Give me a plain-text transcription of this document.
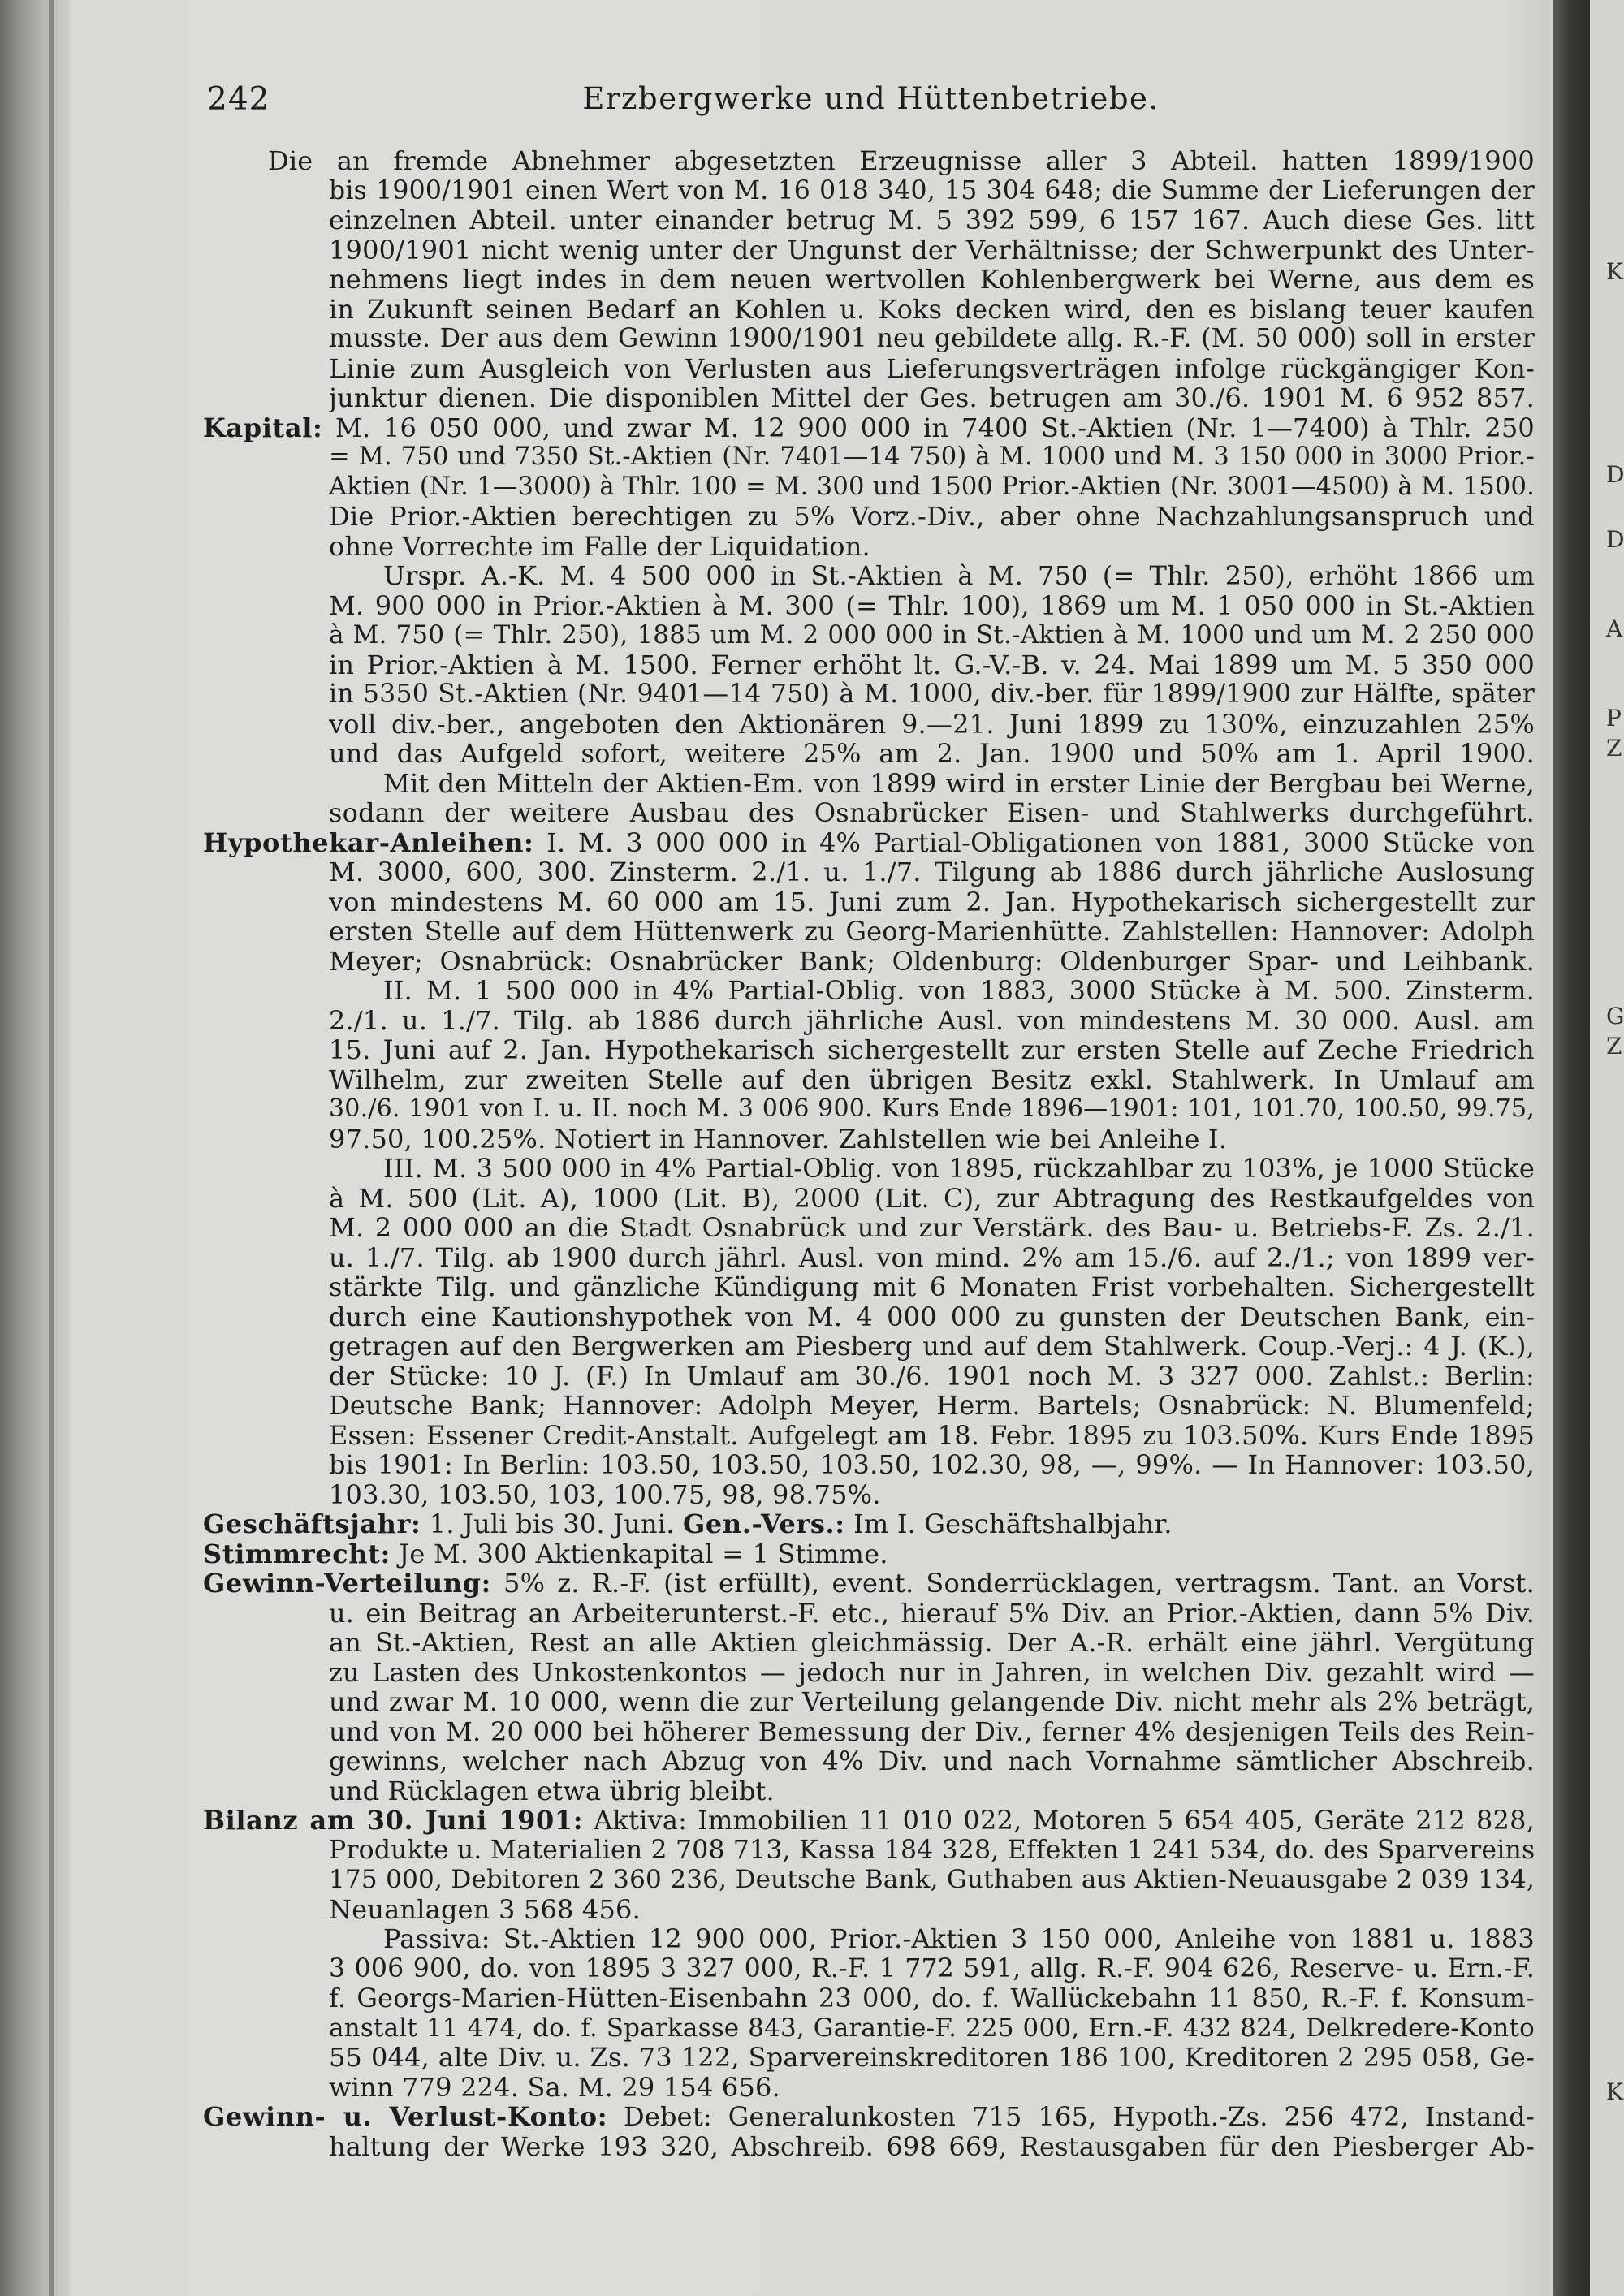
K
D
D
A
P
Z
G
Z
K
242	Erzbergwerke und Hüttenbetriebe.
Die an fremde Abnehmer abgesetzten Erzeugnisse aller 3 Abteil. hatten 1899/1900
bis 1900/1901 einen Wert von M. 16 018 340, 15 304 648; die Summe der Lieferungen der
einzelnen Abteil. unter einander betrug M. 5 392 599, 6 157 167. Auch diese Ges. litt
1900/1901 nicht wenig unter der Ungunst der Verhältnisse; der Schwerpunkt des Unter-
nehmens liegt indes in dem neuen wertvollen Kohlenbergwerk bei Werne, aus dem es
in Zukunft seinen Bedarf an Kohlen u. Koks decken wird, den es bislang teuer kaufen
musste. Der aus dem Gewinn 1900/1901 neu gebildete allg. R.-F. (M. 50 000) soll in erster
Linie zum Ausgleich von Verlusten aus Lieferungsverträgen infolge rückgängiger Kon-
junktur dienen. Die disponiblen Mittel der Ges. betrugen am 30./6. 1901 M. 6 952 857.
Kapital: M. 16 050 000, und zwar M. 12 900 000 in 7400 St.-Aktien (Nr. 1—7400) à Thlr. 250
= M. 750 und 7350 St.-Aktien (Nr. 7401—14 750) à M. 1000 und M. 3 150 000 in 3000 Prior.-
Aktien (Nr. 1—3000) à Thlr. 100 = M. 300 und 1500 Prior.-Aktien (Nr. 3001—4500) à M. 1500.
Die Prior.-Aktien berechtigen zu 5% Vorz.-Div., aber ohne Nachzahlungsanspruch und
ohne Vorrechte im Falle der Liquidation.
Urspr. A.-K. M. 4 500 000 in St.-Aktien à M. 750 (= Thlr. 250), erhöht 1866 um
M. 900 000 in Prior.-Aktien à M. 300 (= Thlr. 100), 1869 um M. 1 050 000 in St.-Aktien
à M. 750 (= Thlr. 250), 1885 um M. 2 000 000 in St.-Aktien à M. 1000 und um M. 2 250 000
in Prior.-Aktien à M. 1500. Ferner erhöht lt. G.-V.-B. v. 24. Mai 1899 um M. 5 350 000
in 5350 St.-Aktien (Nr. 9401—14 750) à M. 1000, div.-ber. für 1899/1900 zur Hälfte, später
voll div.-ber., angeboten den Aktionären 9.—21. Juni 1899 zu 130%, einzuzahlen 25%
und das Aufgeld sofort, weitere 25% am 2. Jan. 1900 und 50% am 1. April 1900.
Mit den Mitteln der Aktien-Em. von 1899 wird in erster Linie der Bergbau bei Werne,
sodann der weitere Ausbau des Osnabrücker Eisen- und Stahlwerks durchgeführt.
Hypothekar-Anleihen: I. M. 3 000 000 in 4% Partial-Obligationen von 1881, 3000 Stücke von
M. 3000, 600, 300. Zinsterm. 2./1. u. 1./7. Tilgung ab 1886 durch jährliche Auslosung
von mindestens M. 60 000 am 15. Juni zum 2. Jan. Hypothekarisch sichergestellt zur
ersten Stelle auf dem Hüttenwerk zu Georg-Marienhütte. Zahlstellen: Hannover: Adolph
Meyer; Osnabrück: Osnabrücker Bank; Oldenburg: Oldenburger Spar- und Leihbank.
II. M. 1 500 000 in 4% Partial-Oblig. von 1883, 3000 Stücke à M. 500. Zinsterm.
2./1. u. 1./7. Tilg. ab 1886 durch jährliche Ausl. von mindestens M. 30 000. Ausl. am
15. Juni auf 2. Jan. Hypothekarisch sichergestellt zur ersten Stelle auf Zeche Friedrich
Wilhelm, zur zweiten Stelle auf den übrigen Besitz exkl. Stahlwerk. In Umlauf am
30./6. 1901 von I. u. II. noch M. 3 006 900. Kurs Ende 1896—1901: 101, 101.70, 100.50, 99.75,
97.50, 100.25%. Notiert in Hannover. Zahlstellen wie bei Anleihe I.
III. M. 3 500 000 in 4% Partial-Oblig. von 1895, rückzahlbar zu 103%, je 1000 Stücke
à M. 500 (Lit. A), 1000 (Lit. B), 2000 (Lit. C), zur Abtragung des Restkaufgeldes von
M. 2 000 000 an die Stadt Osnabrück und zur Verstärk. des Bau- u. Betriebs-F. Zs. 2./1.
u. 1./7. Tilg. ab 1900 durch jährl. Ausl. von mind. 2% am 15./6. auf 2./1.; von 1899 ver-
stärkte Tilg. und gänzliche Kündigung mit 6 Monaten Frist vorbehalten. Sichergestellt
durch eine Kautionshypothek von M. 4 000 000 zu gunsten der Deutschen Bank, ein-
getragen auf den Bergwerken am Piesberg und auf dem Stahlwerk. Coup.-Verj.: 4 J. (K.),
der Stücke: 10 J. (F.) In Umlauf am 30./6. 1901 noch M. 3 327 000. Zahlst.: Berlin:
Deutsche Bank; Hannover: Adolph Meyer, Herm. Bartels; Osnabrück: N. Blumenfeld;
Essen: Essener Credit-Anstalt. Aufgelegt am 18. Febr. 1895 zu 103.50%. Kurs Ende 1895
bis 1901: In Berlin: 103.50, 103.50, 103.50, 102.30, 98, —, 99%. — In Hannover: 103.50,
103.30, 103.50, 103, 100.75, 98, 98.75%.
Geschäftsjahr: 1. Juli bis 30. Juni. Gen.-Vers.: Im I. Geschäftshalbjahr.
Stimmrecht: Je M. 300 Aktienkapital = 1 Stimme.
Gewinn-Verteilung: 5% z. R.-F. (ist erfüllt), event. Sonderrücklagen, vertragsm. Tant. an Vorst.
u. ein Beitrag an Arbeiterunterst.-F. etc., hierauf 5% Div. an Prior.-Aktien, dann 5% Div.
an St.-Aktien, Rest an alle Aktien gleichmässig. Der A.-R. erhält eine jährl. Vergütung
zu Lasten des Unkostenkontos — jedoch nur in Jahren, in welchen Div. gezahlt wird —
und zwar M. 10 000, wenn die zur Verteilung gelangende Div. nicht mehr als 2% beträgt,
und von M. 20 000 bei höherer Bemessung der Div., ferner 4% desjenigen Teils des Rein-
gewinns, welcher nach Abzug von 4% Div. und nach Vornahme sämtlicher Abschreib.
und Rücklagen etwa übrig bleibt.
Bilanz am 30. Juni 1901: Aktiva: Immobilien 11 010 022, Motoren 5 654 405, Geräte 212 828,
Produkte u. Materialien 2 708 713, Kassa 184 328, Effekten 1 241 534, do. des Sparvereins
175 000, Debitoren 2 360 236, Deutsche Bank, Guthaben aus Aktien-Neuausgabe 2 039 134,
Neuanlagen 3 568 456.
Passiva: St.-Aktien 12 900 000, Prior.-Aktien 3 150 000, Anleihe von 1881 u. 1883
3 006 900, do. von 1895 3 327 000, R.-F. 1 772 591, allg. R.-F. 904 626, Reserve- u. Ern.-F.
f. Georgs-Marien-Hütten-Eisenbahn 23 000, do. f. Wallückebahn 11 850, R.-F. f. Konsum-
anstalt 11 474, do. f. Sparkasse 843, Garantie-F. 225 000, Ern.-F. 432 824, Delkredere-Konto
55 044, alte Div. u. Zs. 73 122, Sparvereinskreditoren 186 100, Kreditoren 2 295 058, Ge-
winn 779 224. Sa. M. 29 154 656.
Gewinn- u. Verlust-Konto: Debet: Generalunkosten 715 165, Hypoth.-Zs. 256 472, Instand-
haltung der Werke 193 320, Abschreib. 698 669, Restausgaben für den Piesberger Ab-
